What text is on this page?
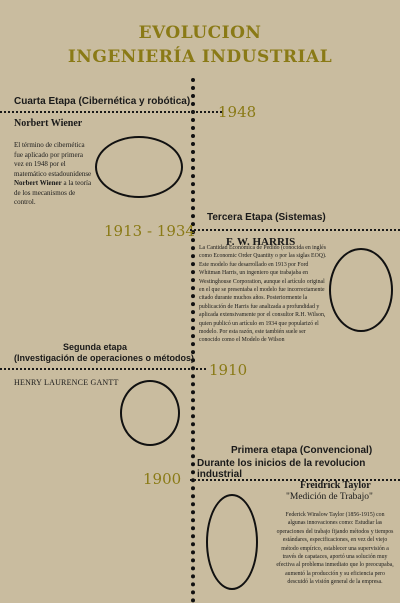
EVOLUCION
INGENIERÍA INDUSTRIAL
Cuarta Etapa (Cibernética y robótica)
1948
Norbert Wiener
El término de cibernética fue aplicado por primera vez en 1948 por el matemático estadounidense Norbert Wiener a la teoría de los mecanismos de control.
Tercera Etapa (Sistemas)
1913 - 1934
F. W. HARRIS
La Cantidad Económica de Pedido (conocida en inglés como Economic Order Quantity o por las siglas EOQ). Este modelo fue desarrollado en 1913 por Ford Whitman Harris, un ingeniero que trabajaba en Westinghouse Corporation, aunque el artículo original en el que se presentaba el modelo fue incorrectamente citado durante muchos años. Posteriormente la publicación de Harris fue analizada a profundidad y aplicada extensivamente por el consultor R.H. Wilson, quien publicó un artículo en 1934 que popularizó el modelo. Por esta razón, este también suele ser conocido como el Modelo de Wilson
Segunda etapa
(Investigación de operaciones o métodos)
1910
HENRY LAURENCE GANTT
Primera etapa (Convencional)
Durante los inicios de la revolucion industrial
1900	Freidrick Taylor
"Medición de Trabajo"
Federick Winslow Taylor (1856-1915) con algunas innovaciones como: Estudiar las operaciones del trabajo fijando métodos y tiempos estándares, especificaciones, en vez del viejo método empírico, establecer una supervisión a través de capataces, aportó una solución muy efectiva al problema inmediato que lo preocupaba, aumentó la producción y su eficiencia pero descuidó la visión general de la empresa.
